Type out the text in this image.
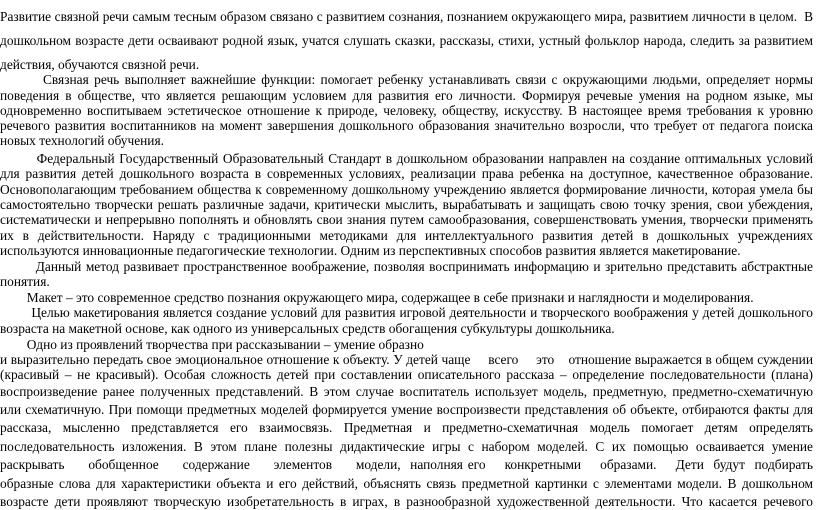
Развитие связной речи самым тесным образом связано с развитием сознания, познанием окружающего мира, развитием личности в целом.  В
дошкольном возрасте дети осваивают родной язык, учатся слушать сказки, рассказы, стихи, устный фольклор народа, следить за развитием
действия, обучаются связной речи.
Связная речь выполняет важнейшие функции: помогает ребенку устанавливать связи с окружающими людьми, определяет нормы
поведения в обществе, что является решающим условием для развития его личности. Формируя речевые умения на родном языке, мы
одновременно воспитываем эстетическое отношение к природе, человеку, обществу, искусству. В настоящее время требования к уровню
речевого развития воспитанников на момент завершения дошкольного образования значительно возросли, что требует от педагога поиска
новых технологий обучения.
Федеральный Государственный Образовательный Стандарт в дошкольном образовании направлен на создание оптимальных условий
для развития детей дошкольного возраста в современных условиях, реализации права ребенка на доступное, качественное образование.
Основополагающим требованием общества к современному дошкольному учреждению является формирование личности, которая умела бы
самостоятельно творчески решать различные задачи, критически мыслить, вырабатывать и защищать свою точку зрения, свои убеждения,
систематически и непрерывно пополнять и обновлять свои знания путем самообразования, совершенствовать умения, творчески применять
их в действительности. Наряду с традиционными методиками для интеллектуального развития детей в дошкольных учреждениях
используются инновационные педагогические технологии. Одним из перспективных способов развития является макетирование.
Данный метод развивает пространственное воображение, позволяя воспринимать информацию и зрительно представить абстрактные
понятия.
Макет – это современное средство познания окружающего мира, содержащее в себе признаки и наглядности и моделирования.
Целью макетирования является создание условий для развития игровой деятельности и творческого воображения у детей дошкольного
возраста на макетной основе, как одного из универсальных средств обогащения субкультуры дошкольника.
Одно из проявлений творчества при рассказывании – умение образно
и выразительно передать свое эмоциональное отношение к объекту. У детей чаще     всего     это    отношение выражается в общем суждении
(красивый – не красивый). Особая сложность детей при составлении описательного рассказа – определение последовательности (плана)
воспроизведение ранее полученных представлений. В этом случае воспитатель использует модель, предметную, предметно-схематичную
или схематичную. При помощи предметных моделей формируется умение воспроизвести представления об объекте, отбираются факты для
рассказа, мысленно представляется его взаимосвязь. Предметная и предметно-схематичная модель помогает детям определять
последовательность изложения. В этом плане полезны дидактические игры с набором моделей. С их помощью осваивается умение
раскрывать     обобщенное     содержание     элементов     модели,  наполняя его    конкретными    образами.    Дети  будут  подбирать
образные слова для характеристики объекта и его действий, объяснять связь предметной картинки с элементами модели. В дошкольном
возрасте дети проявляют творческую изобретательность в играх, в разнообразной художественной деятельности. Что касается речевого
